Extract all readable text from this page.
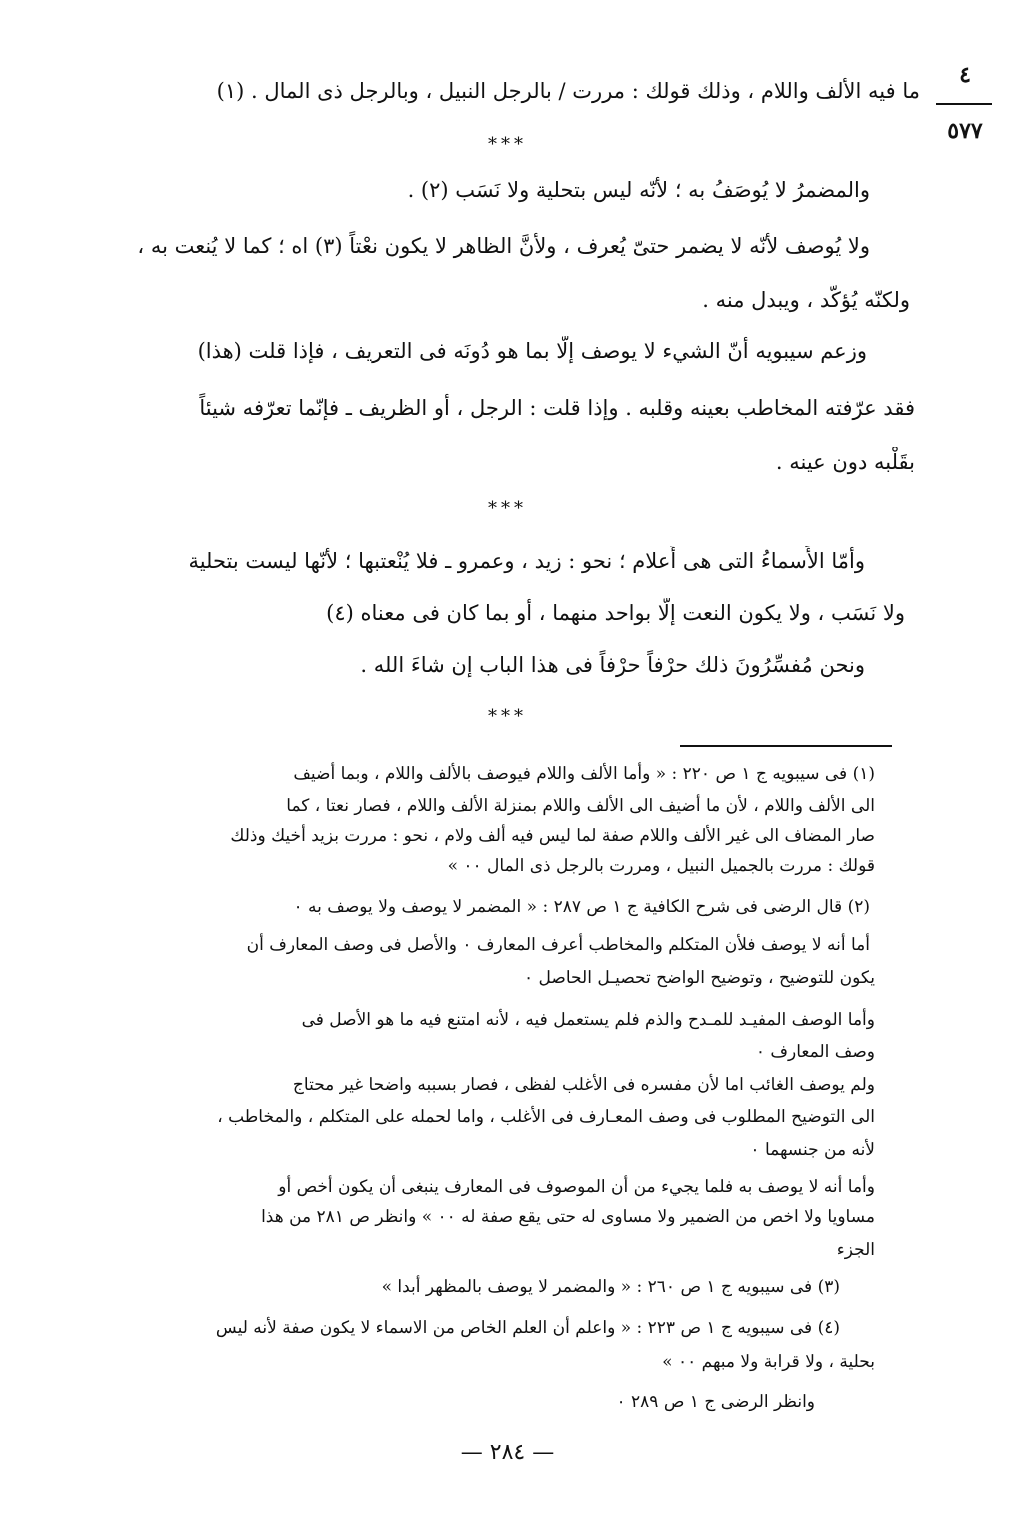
٤
٥٧٧
ما فيه الألف واللام ، وذلك قولك : مررت / بالرجل النبيل ، وبالرجل ذى المال . (١)
***
والمضمرُ لا يُوصَفُ به ؛ لأنّه ليس بتحلية ولا نَسَب (٢) .
ولا يُوصف لأنّه لا يضمر حتىّ يُعرف ، ولأنَّ الظاهر لا يكون نعْتاً (٣) اه ؛ كما لا يُنعت به ،
ولكنّه يُؤكّد ، ويبدل منه .
وزعم سيبويه أنّ الشيء لا يوصف إلّا بما هو دُونَه فى التعريف ، فإذا قلت (هذا)
فقد عرّفته المخاطب بعينه وقلبه . وإذا قلت : الرجل ، أو الظريف ـ فإنّما تعرّفه شيئاً
بقَلْبه دون عينه .
***
وأمّا الأَسماءُ التى هى أَعلام ؛ نحو : زيد ، وعمرو ـ فلا يُنْعتبها ؛ لأنّها ليست بتحلية
ولا نَسَب ، ولا يكون النعت إلّا بواحد منهما ، أو بما كان فى معناه (٤)
ونحن مُفسِّرُونَ ذلك حرْفاً حرْفاً فى هذا الباب إن شاءَ الله .
***
(١) فى سيبويه ج ١ ص ٢٢٠ : « وأما الألف واللام فيوصف بالألف واللام ، وبما أضيف
الى الألف واللام ، لأن ما أضيف الى الألف واللام بمنزلة الألف واللام ، فصار نعتا ، كما
صار المضاف الى غير الألف واللام صفة لما ليس فيه ألف ولام ، نحو : مررت بزيد أخيك وذلك
قولك : مررت بالجميل النبيل ، ومررت بالرجل ذى المال ٠٠ »
(٢) قال الرضى فى شرح الكافية ج ١ ص ٢٨٧ : « المضمر لا يوصف ولا يوصف به ٠
أما أنه لا يوصف فلأن المتكلم والمخاطب أعرف المعارف ٠ والأصل فى وصف المعارف أن
يكون للتوضيح ، وتوضيح الواضح تحصيـل الحاصل ٠
وأما الوصف المفيـد للمـدح والذم فلم يستعمل فيه ، لأنه امتنع فيه ما هو الأصل فى
وصف المعارف ٠
ولم يوصف الغائب اما لأن مفسره فى الأغلب لفظى ، فصار بسببه واضحا غير محتاج
الى التوضيح المطلوب فى وصف المعـارف فى الأغلب ، واما لحمله على المتكلم ، والمخاطب ،
لأنه من جنسهما ٠
وأما أنه لا يوصف به فلما يجيء من أن الموصوف فى المعارف ينبغى أن يكون أخص أو
مساويا ولا اخص من الضمير ولا مساوى له حتى يقع صفة له ٠٠ » وانظر ص ٢٨١ من هذا
الجزء
(٣) فى سيبويه ج ١ ص ٢٦٠ : « والمضمر لا يوصف بالمظهر أبدا »
(٤) فى سيبويه ج ١ ص ٢٢٣ : « واعلم أن العلم الخاص من الاسماء لا يكون صفة لأنه ليس
بحلية ، ولا قرابة ولا مبهم ٠٠ »
وانظر الرضى ج ١ ص ٢٨٩ ٠
— ٢٨٤ —
